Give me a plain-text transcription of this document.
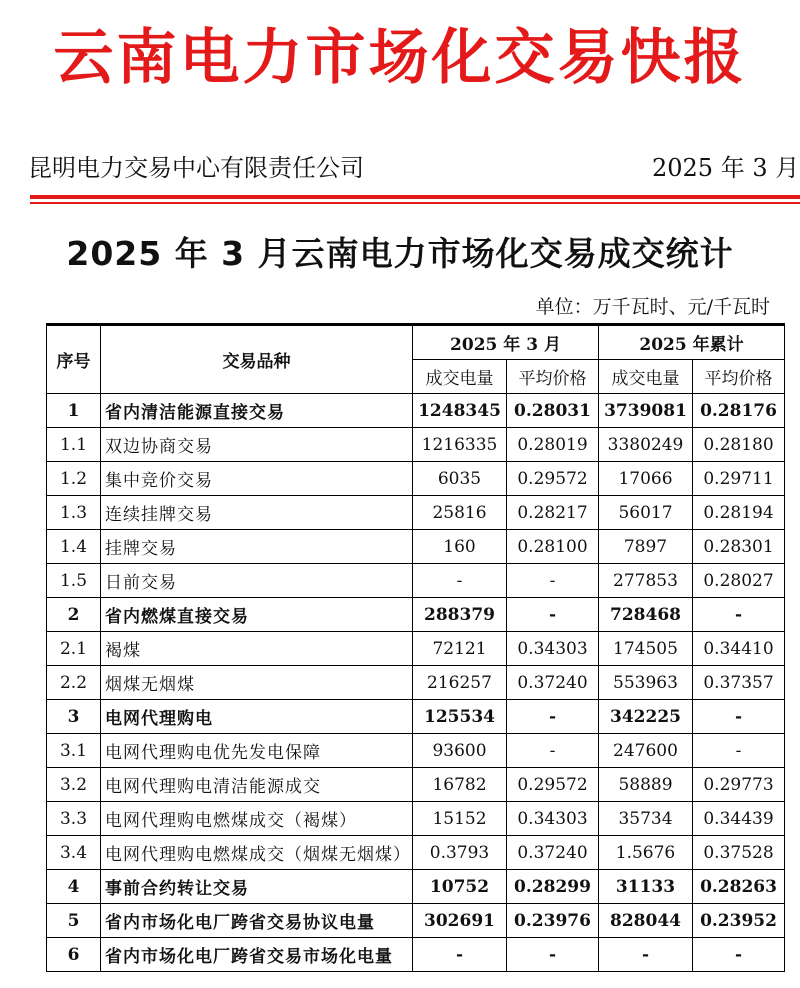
云南电力市场化交易快报
昆明电力交易中心有限责任公司	2025 年 3 月
2025 年 3 月云南电力市场化交易成交统计
单位：万千瓦时、元/千瓦时
序号	交易品种	2025 年 3 月		2025 年累计	
		成交电量	平均价格	成交电量	平均价格
1	省内清洁能源直接交易	1248345	0.28031	3739081	0.28176
1.1	双边协商交易	1216335	0.28019	3380249	0.28180
1.2	集中竞价交易	6035	0.29572	17066	0.29711
1.3	连续挂牌交易	25816	0.28217	56017	0.28194
1.4	挂牌交易	160	0.28100	7897	0.28301
1.5	日前交易	-	-	277853	0.28027
2	省内燃煤直接交易	288379	-	728468	-
2.1	褐煤	72121	0.34303	174505	0.34410
2.2	烟煤无烟煤	216257	0.37240	553963	0.37357
3	电网代理购电	125534	-	342225	-
3.1	电网代理购电优先发电保障	93600	-	247600	-
3.2	电网代理购电清洁能源成交	16782	0.29572	58889	0.29773
3.3	电网代理购电燃煤成交（褐煤）	15152	0.34303	35734	0.34439
3.4	电网代理购电燃煤成交（烟煤无烟煤）	0.3793	0.37240	1.5676	0.37528
4	事前合约转让交易	10752	0.28299	31133	0.28263
5	省内市场化电厂跨省交易协议电量	302691	0.23976	828044	0.23952
6	省内市场化电厂跨省交易市场化电量	-	-	-	-
